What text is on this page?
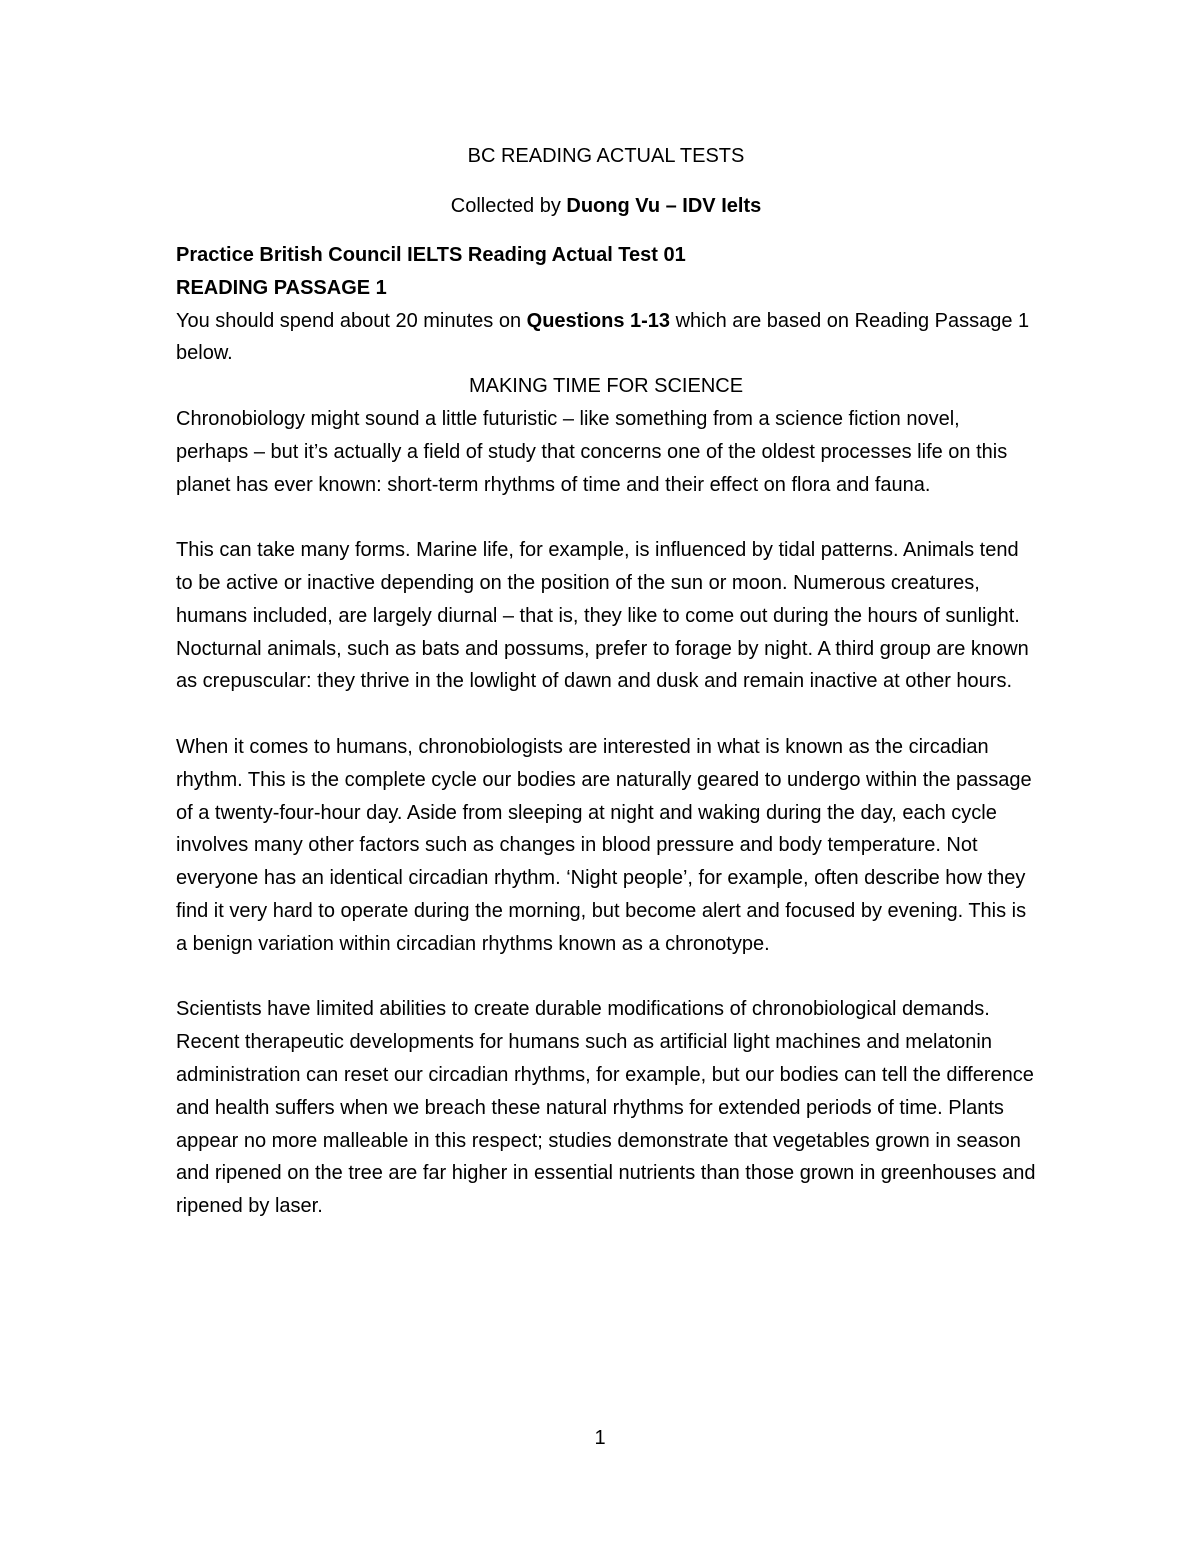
BC READING ACTUAL TESTS

Collected by Duong Vu – IDV Ielts

Practice British Council IELTS Reading Actual Test 01

READING PASSAGE 1

You should spend about 20 minutes on Questions 1-13 which are based on Reading Passage 1 below.

MAKING TIME FOR SCIENCE

Chronobiology might sound a little futuristic – like something from a science fiction novel, perhaps – but it’s actually a field of study that concerns one of the oldest processes life on this planet has ever known: short-term rhythms of time and their effect on flora and fauna.

This can take many forms. Marine life, for example, is influenced by tidal patterns. Animals tend to be active or inactive depending on the position of the sun or moon. Numerous creatures, humans included, are largely diurnal – that is, they like to come out during the hours of sunlight. Nocturnal animals, such as bats and possums, prefer to forage by night. A third group are known as crepuscular: they thrive in the lowlight of dawn and dusk and remain inactive at other hours.

When it comes to humans, chronobiologists are interested in what is known as the circadian rhythm. This is the complete cycle our bodies are naturally geared to undergo within the passage of a twenty-four-hour day. Aside from sleeping at night and waking during the day, each cycle involves many other factors such as changes in blood pressure and body temperature. Not everyone has an identical circadian rhythm. ‘Night people’, for example, often describe how they find it very hard to operate during the morning, but become alert and focused by evening. This is a benign variation within circadian rhythms known as a chronotype.

Scientists have limited abilities to create durable modifications of chronobiological demands. Recent therapeutic developments for humans such as artificial light machines and melatonin administration can reset our circadian rhythms, for example, but our bodies can tell the difference and health suffers when we breach these natural rhythms for extended periods of time. Plants appear no more malleable in this respect; studies demonstrate that vegetables grown in season and ripened on the tree are far higher in essential nutrients than those grown in greenhouses and ripened by laser.

1
